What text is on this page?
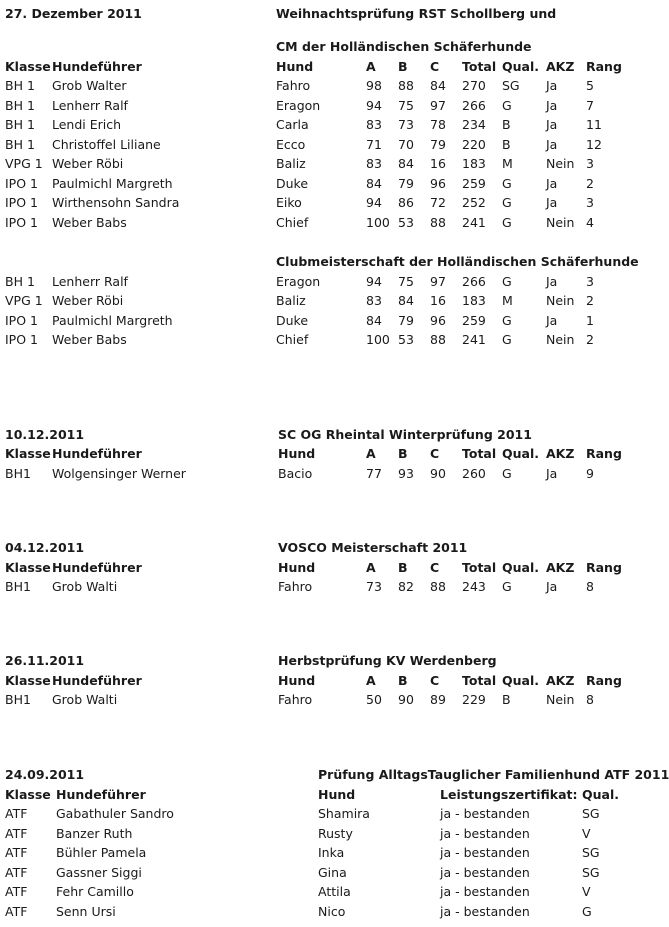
27. Dezember 2011	Weihnachtsprüfung RST Schollberg und
CM der Holländischen Schäferhunde
Klasse Hundeführer	Hund	A B C Total Qual. AKZ Rang
BH 1 Grob Walter	Fahro	98 88 84 270 SG Ja 5
BH 1 Lenherr Ralf	Eragon	94 75 97 266 G	Ja 7
BH 1 Lendi Erich	Carla	83 73 78 234 B	Ja 11
BH 1 Christoffel Liliane	Ecco	71 70 79 220 B	Ja 12
VPG 1 Weber Röbi	Baliz	83 84 16 183 M	Nein 3
IPO 1 Paulmichl Margreth	Duke	84 79 96 259 G	Ja 2
IPO 1 Wirthensohn Sandra	Eiko	94 86 72 252 G	Ja 3
IPO 1 Weber Babs	Chief	100 53 88 241 G	Nein 4
Clubmeisterschaft der Holländischen Schäferhunde
BH 1 Lenherr Ralf	Eragon	94 75 97 266 G	Ja 3
VPG 1 Weber Röbi	Baliz	83 84 16 183 M	Nein 2
IPO 1 Paulmichl Margreth	Duke	84 79 96 259 G	Ja 1
IPO 1 Weber Babs	Chief	100 53 88 241 G	Nein 2
10.12.2011	SC OG Rheintal Winterprüfung 2011
Klasse Hundeführer	Hund	A B C Total Qual. AKZ Rang
BH1 Wolgensinger Werner	Bacio	77 93 90 260 G	Ja 9
04.12.2011	VOSCO Meisterschaft 2011
Klasse Hundeführer	Hund	A B C Total Qual. AKZ Rang
BH1 Grob Walti	Fahro	73 82 88 243 G	Ja 8
26.11.2011	Herbstprüfung KV Werdenberg
Klasse Hundeführer	Hund	A B C Total Qual. AKZ Rang
BH1 Grob Walti	Fahro	50 90 89 229 B	Nein 8
24.09.2011	Prüfung AlltagsTauglicher Familienhund ATF 2011
Klasse Hundeführer	Hund	Leistungszertifikat: Qual.
ATF Gabathuler Sandro	Shamira	ja - bestanden	SG
ATF Banzer Ruth	Rusty	ja - bestanden	V
ATF Bühler Pamela	Inka	ja - bestanden	SG
ATF Gassner Siggi	Gina	ja - bestanden	SG
ATF Fehr Camillo	Attila	ja - bestanden	V
ATF Senn Ursi	Nico	ja - bestanden	G
